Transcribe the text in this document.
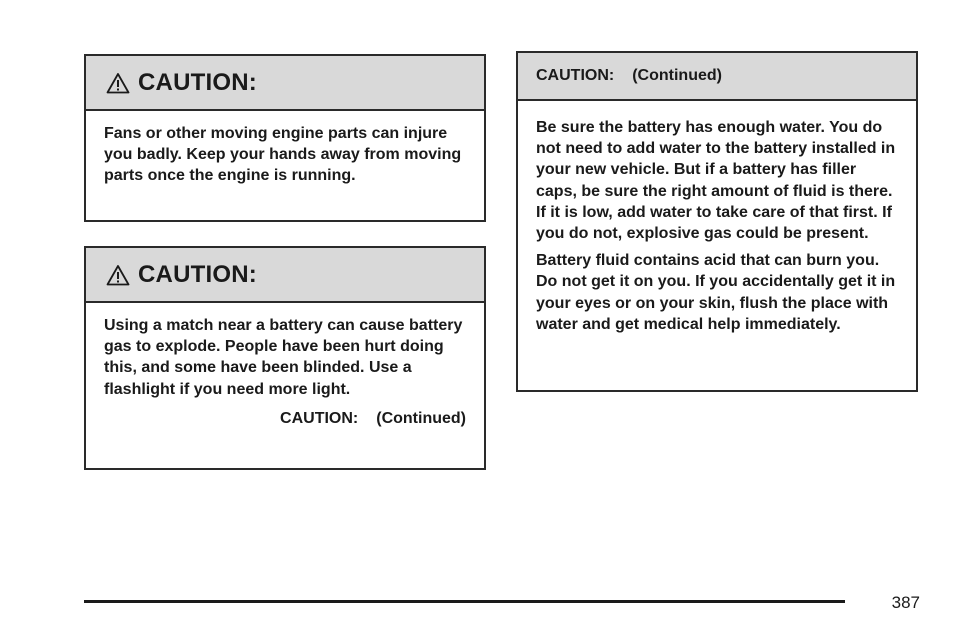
CAUTION:

Fans or other moving engine parts can injure you badly. Keep your hands away from moving parts once the engine is running.

CAUTION:

Using a match near a battery can cause battery gas to explode. People have been hurt doing this, and some have been blinded. Use a flashlight if you need more light.

CAUTION: (Continued)
CAUTION: (Continued)

Be sure the battery has enough water. You do not need to add water to the battery installed in your new vehicle. But if a battery has filler caps, be sure the right amount of fluid is there. If it is low, add water to take care of that first. If you do not, explosive gas could be present.

Battery fluid contains acid that can burn you. Do not get it on you. If you accidentally get it in your eyes or on your skin, flush the place with water and get medical help immediately.

387
